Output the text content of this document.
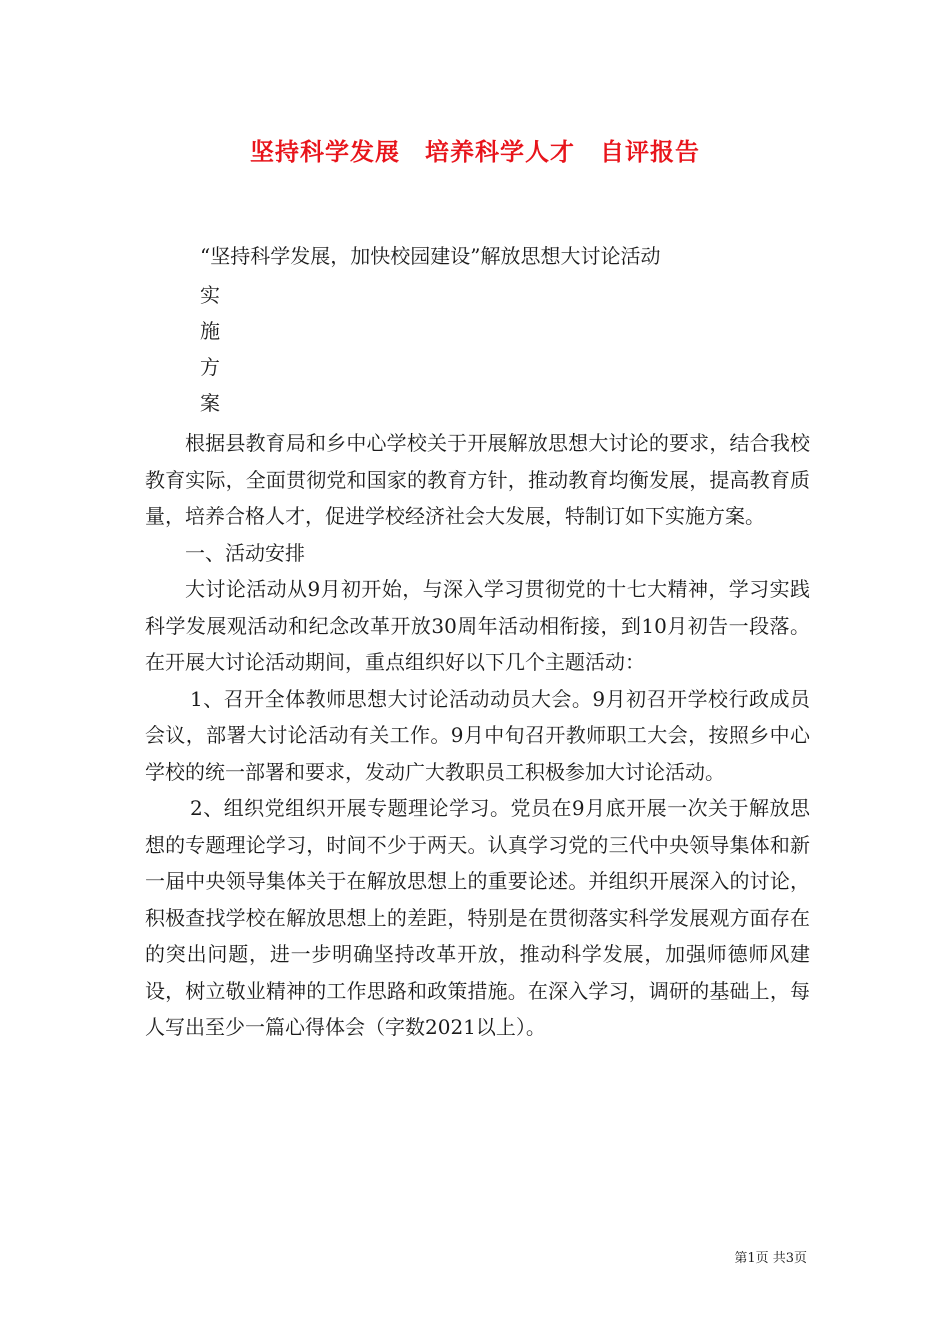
坚持科学发展　培养科学人才　自评报告

“坚持科学发展，加快校园建设”解放思想大讨论活动

实

施

方

案

根据县教育局和乡中心学校关于开展解放思想大讨论的要求，结合我校教育实际，全面贯彻党和国家的教育方针，推动教育均衡发展，提高教育质量，培养合格人才，促进学校经济社会大发展，特制订如下实施方案。

一、活动安排

大讨论活动从9月初开始，与深入学习贯彻党的十七大精神，学习实践科学发展观活动和纪念改革开放30周年活动相衔接，到10月初告一段落。在开展大讨论活动期间，重点组织好以下几个主题活动：

1、召开全体教师思想大讨论活动动员大会。9月初召开学校行政成员会议，部署大讨论活动有关工作。9月中旬召开教师职工大会，按照乡中心学校的统一部署和要求，发动广大教职员工积极参加大讨论活动。

2、组织党组织开展专题理论学习。党员在9月底开展一次关于解放思想的专题理论学习，时间不少于两天。认真学习党的三代中央领导集体和新一届中央领导集体关于在解放思想上的重要论述。并组织开展深入的讨论，积极查找学校在解放思想上的差距，特别是在贯彻落实科学发展观方面存在的突出问题，进一步明确坚持改革开放，推动科学发展，加强师德师风建设，树立敬业精神的工作思路和政策措施。在深入学习，调研的基础上，每人写出至少一篇心得体会（字数2021以上）。

第1页 共3页
